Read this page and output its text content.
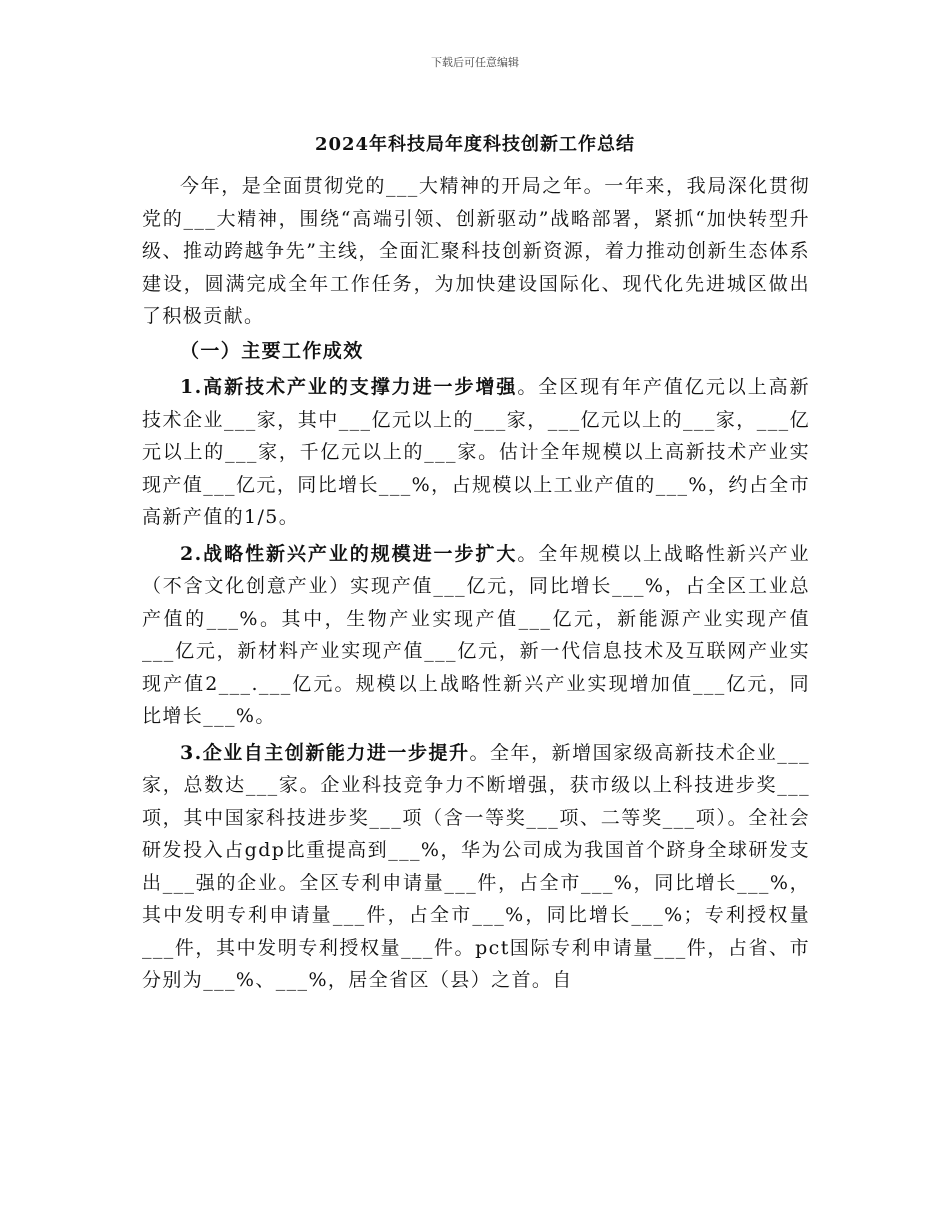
下载后可任意编辑
2024年科技局年度科技创新工作总结

今年，是全面贯彻党的___大精神的开局之年。一年来，我局深化贯彻党的___大精神，围绕“高端引领、创新驱动”战略部署，紧抓“加快转型升级、推动跨越争先”主线，全面汇聚科技创新资源，着力推动创新生态体系建设，圆满完成全年工作任务，为加快建设国际化、现代化先进城区做出了积极贡献。

（一）主要工作成效

1.高新技术产业的支撑力进一步增强。全区现有年产值亿元以上高新技术企业___家，其中___亿元以上的___家，___亿元以上的___家，___亿元以上的___家，千亿元以上的___家。估计全年规模以上高新技术产业实现产值___亿元，同比增长___%，占规模以上工业产值的___%，约占全市高新产值的1/5。

2.战略性新兴产业的规模进一步扩大。全年规模以上战略性新兴产业（不含文化创意产业）实现产值___亿元，同比增长___%，占全区工业总产值的___%。其中，生物产业实现产值___亿元，新能源产业实现产值___亿元，新材料产业实现产值___亿元，新一代信息技术及互联网产业实现产值2___.___亿元。规模以上战略性新兴产业实现增加值___亿元，同比增长___%。

3.企业自主创新能力进一步提升。全年，新增国家级高新技术企业___家，总数达___家。企业科技竞争力不断增强，获市级以上科技进步奖___项，其中国家科技进步奖___项（含一等奖___项、二等奖___项）。全社会研发投入占gdp比重提高到___%，华为公司成为我国首个跻身全球研发支出___强的企业。全区专利申请量___件，占全市___%，同比增长___%，其中发明专利申请量___件，占全市___%，同比增长___%；专利授权量___件，其中发明专利授权量___件。pct国际专利申请量___件，占省、市分别为___%、___%，居全省区（县）之首。自
